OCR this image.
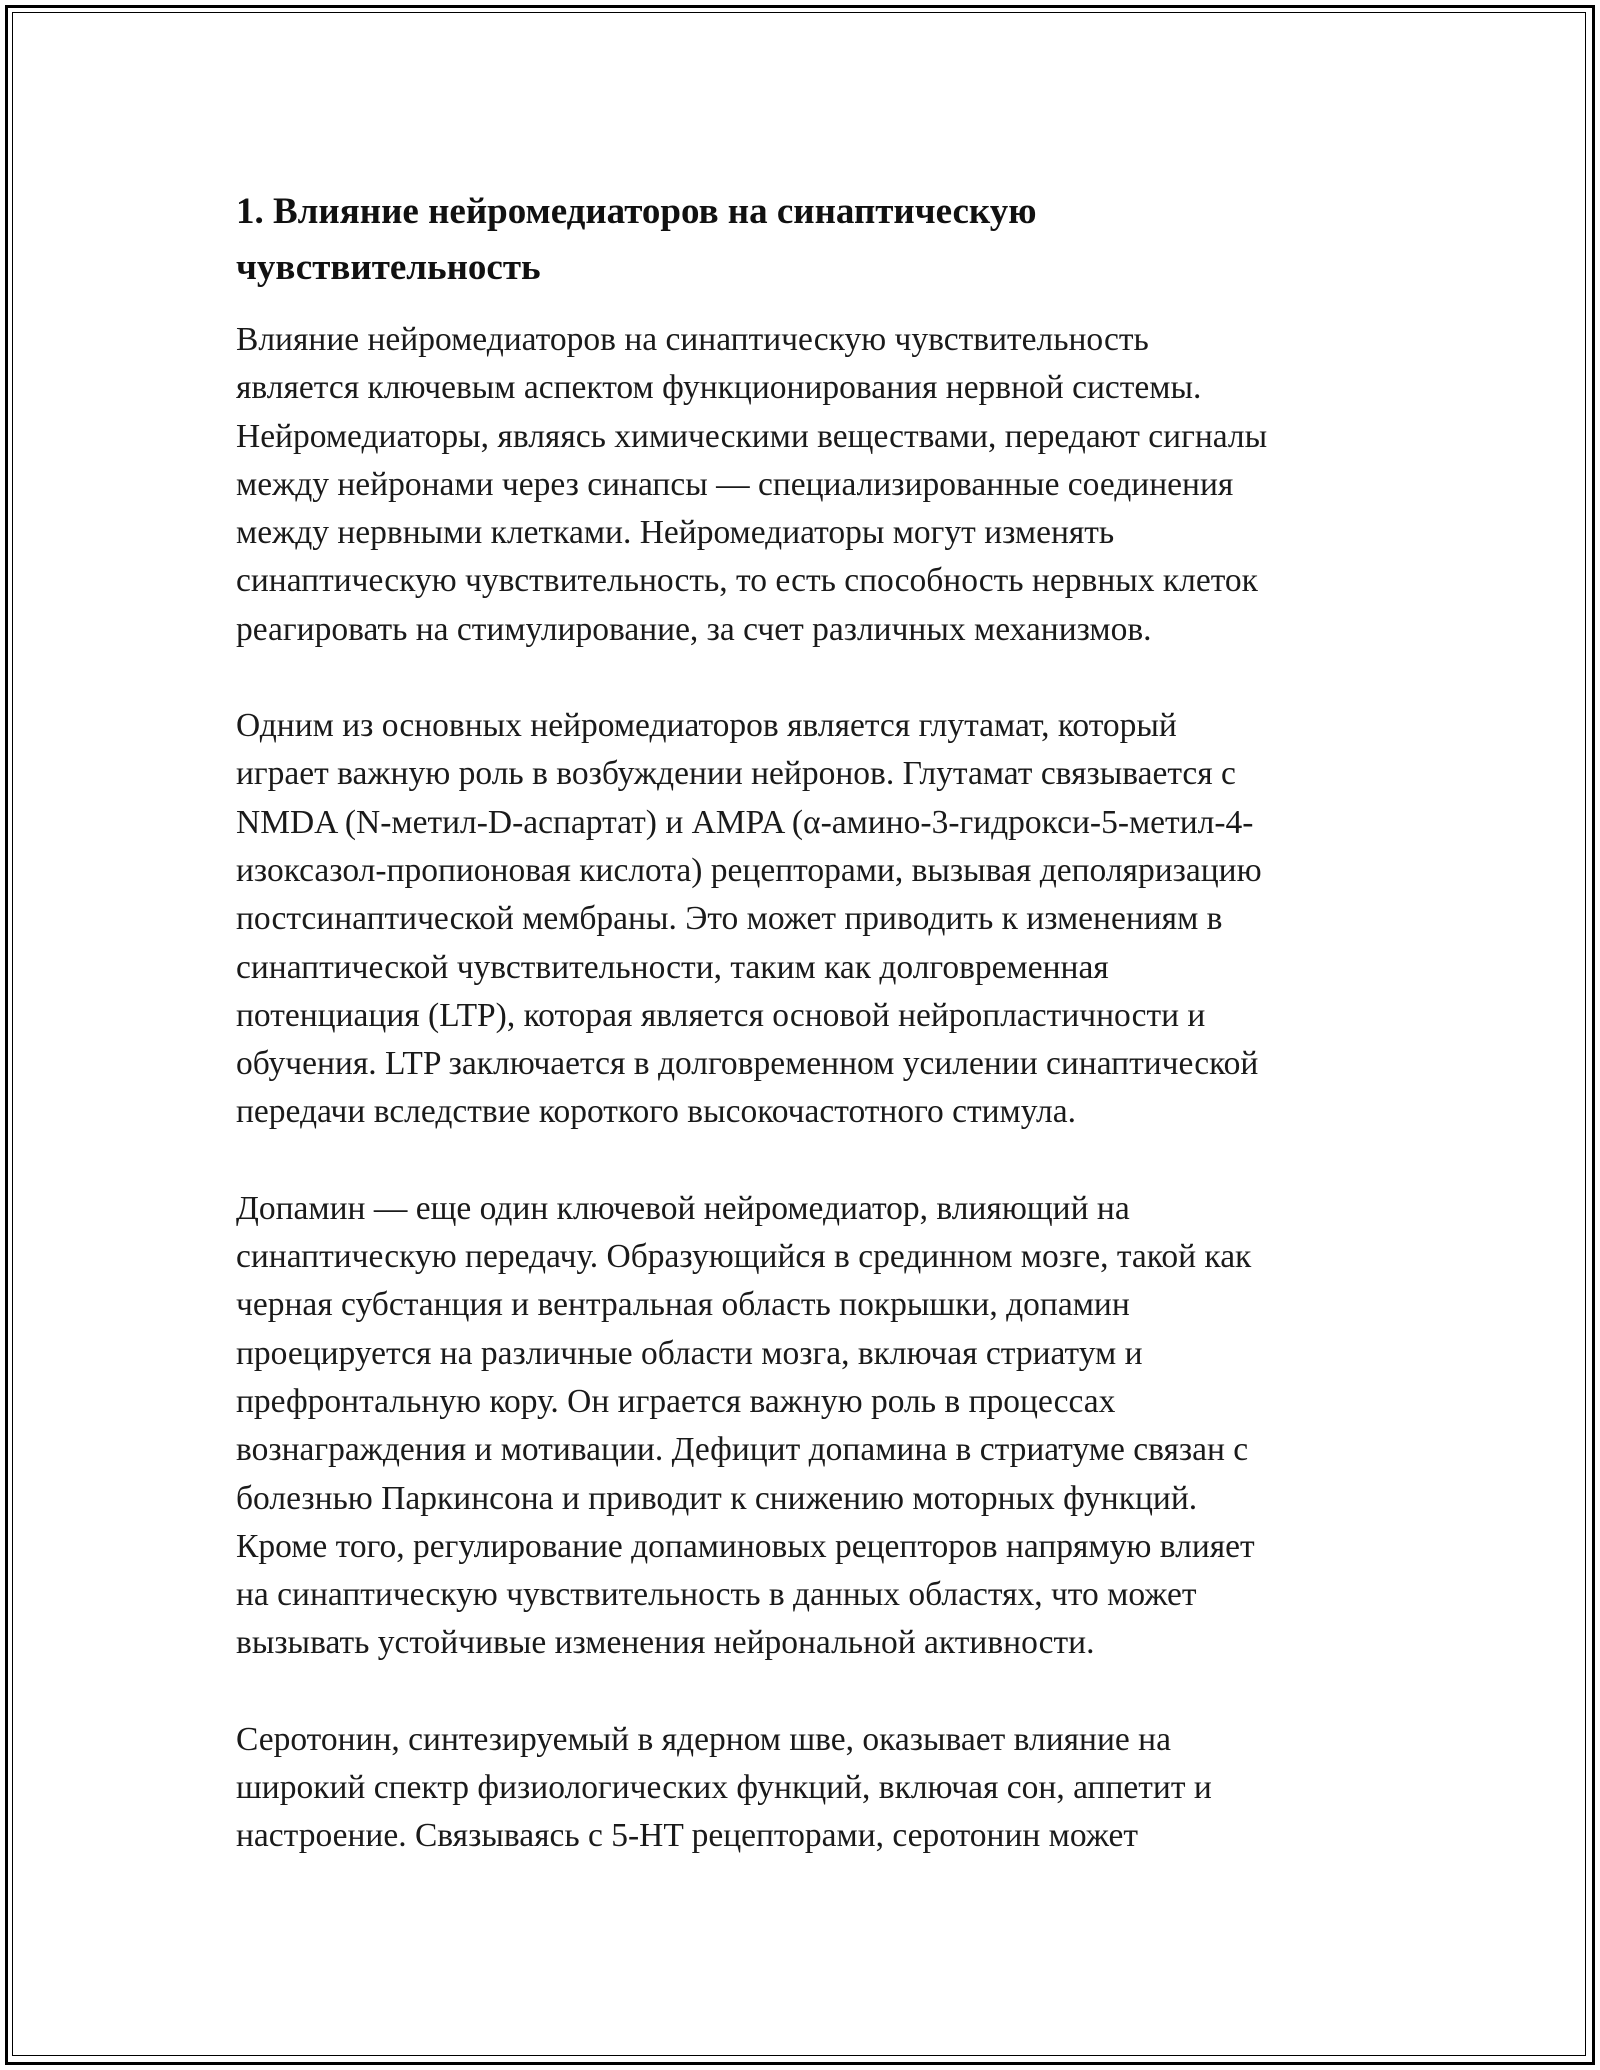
1. Влияние нейромедиаторов на синаптическую
чувствительность

Влияние нейромедиаторов на синаптическую чувствительность
является ключевым аспектом функционирования нервной системы.
Нейромедиаторы, являясь химическими веществами, передают сигналы
между нейронами через синапсы — специализированные соединения
между нервными клетками. Нейромедиаторы могут изменять
синаптическую чувствительность, то есть способность нервных клеток
реагировать на стимулирование, за счет различных механизмов.

Одним из основных нейромедиаторов является глутамат, который
играет важную роль в возбуждении нейронов. Глутамат связывается с
NMDA (N-метил-D-аспартат) и AMPA (α-амино-3-гидрокси-5-метил-4-
изоксазол-пропионовая кислота) рецепторами, вызывая деполяризацию
постсинаптической мембраны. Это может приводить к изменениям в
синаптической чувствительности, таким как долговременная
потенциация (LTP), которая является основой нейропластичности и
обучения. LTP заключается в долговременном усилении синаптической
передачи вследствие короткого высокочастотного стимула.

Допамин — еще один ключевой нейромедиатор, влияющий на
синаптическую передачу. Образующийся в срединном мозге, такой как
черная субстанция и вентральная область покрышки, допамин
проецируется на различные области мозга, включая стриатум и
префронтальную кору. Он играется важную роль в процессах
вознаграждения и мотивации. Дефицит допамина в стриатуме связан с
болезнью Паркинсона и приводит к снижению моторных функций.
Кроме того, регулирование допаминовых рецепторов напрямую влияет
на синаптическую чувствительность в данных областях, что может
вызывать устойчивые изменения нейрональной активности.

Серотонин, синтезируемый в ядерном шве, оказывает влияние на
широкий спектр физиологических функций, включая сон, аппетит и
настроение. Связываясь с 5-HT рецепторами, серотонин может
